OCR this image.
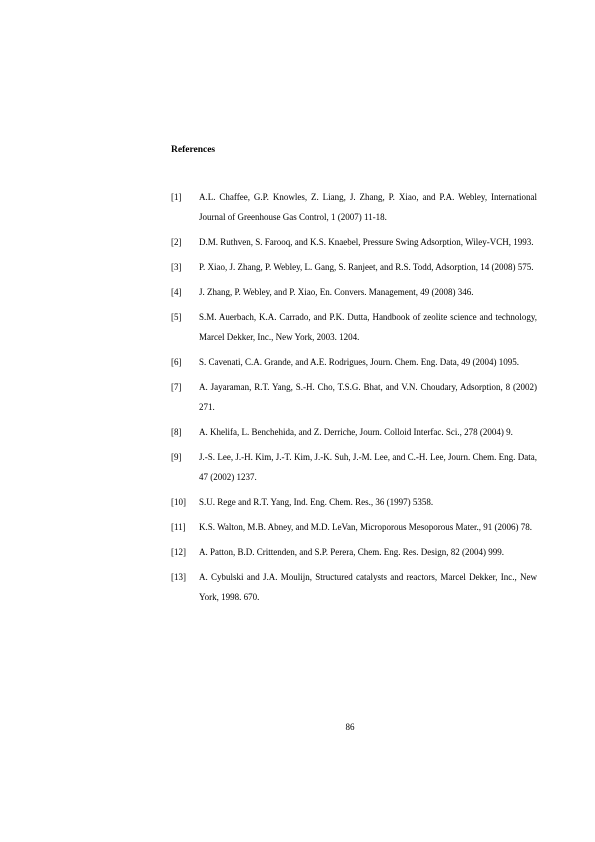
References
[1] A.L. Chaffee, G.P. Knowles, Z. Liang, J. Zhang, P. Xiao, and P.A. Webley, International Journal of Greenhouse Gas Control, 1 (2007) 11-18.
[2] D.M. Ruthven, S. Farooq, and K.S. Knaebel, Pressure Swing Adsorption, Wiley-VCH, 1993.
[3] P. Xiao, J. Zhang, P. Webley, L. Gang, S. Ranjeet, and R.S. Todd, Adsorption, 14 (2008) 575.
[4] J. Zhang, P. Webley, and P. Xiao, En. Convers. Management, 49 (2008) 346.
[5] S.M. Auerbach, K.A. Carrado, and P.K. Dutta, Handbook of zeolite science and technology, Marcel Dekker, Inc., New York, 2003. 1204.
[6] S. Cavenati, C.A. Grande, and A.E. Rodrigues, Journ. Chem. Eng. Data, 49 (2004) 1095.
[7] A. Jayaraman, R.T. Yang, S.-H. Cho, T.S.G. Bhat, and V.N. Choudary, Adsorption, 8 (2002) 271.
[8] A. Khelifa, L. Benchehida, and Z. Derriche, Journ. Colloid Interfac. Sci., 278 (2004) 9.
[9] J.-S. Lee, J.-H. Kim, J.-T. Kim, J.-K. Suh, J.-M. Lee, and C.-H. Lee, Journ. Chem. Eng. Data, 47 (2002) 1237.
[10] S.U. Rege and R.T. Yang, Ind. Eng. Chem. Res., 36 (1997) 5358.
[11] K.S. Walton, M.B. Abney, and M.D. LeVan, Microporous Mesoporous Mater., 91 (2006) 78.
[12] A. Patton, B.D. Crittenden, and S.P. Perera, Chem. Eng. Res. Design, 82 (2004) 999.
[13] A. Cybulski and J.A. Moulijn, Structured catalysts and reactors, Marcel Dekker, Inc., New York, 1998. 670.
86
